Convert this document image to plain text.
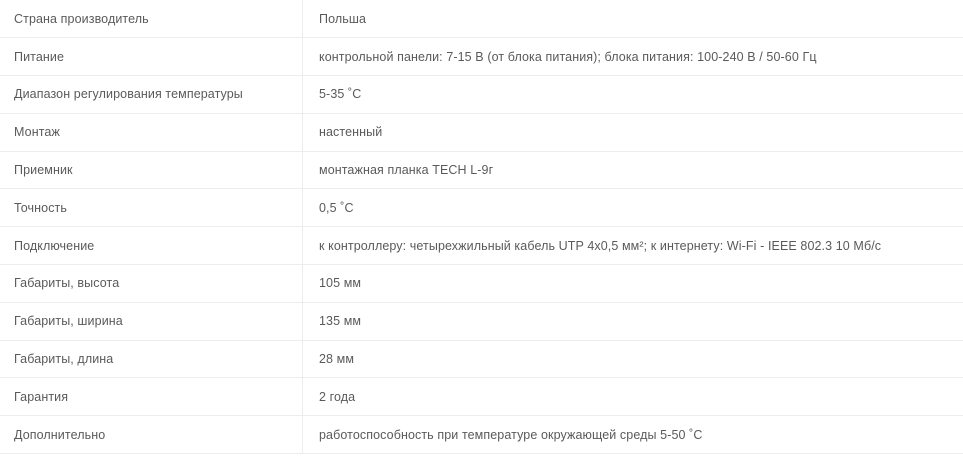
Страна производитель	Польша
Питание	контрольной панели: 7-15 В (от блока питания); блока питания: 100-240 В / 50-60 Гц
Диапазон регулирования температуры	5-35 ˚С
Монтаж	настенный
Приемник	монтажная планка TECH L-9г
Точность	0,5 ˚С
Подключение	к контроллеру: четырехжильный кабель UTP 4х0,5 мм²; к интернету: Wi-Fi - IEEE 802.3 10 Мб/с
Габариты, высота	105 мм
Габариты, ширина	135 мм
Габариты, длина	28 мм
Гарантия	2 года
Дополнительно	работоспособность при температуре окружающей среды 5-50 ˚С
